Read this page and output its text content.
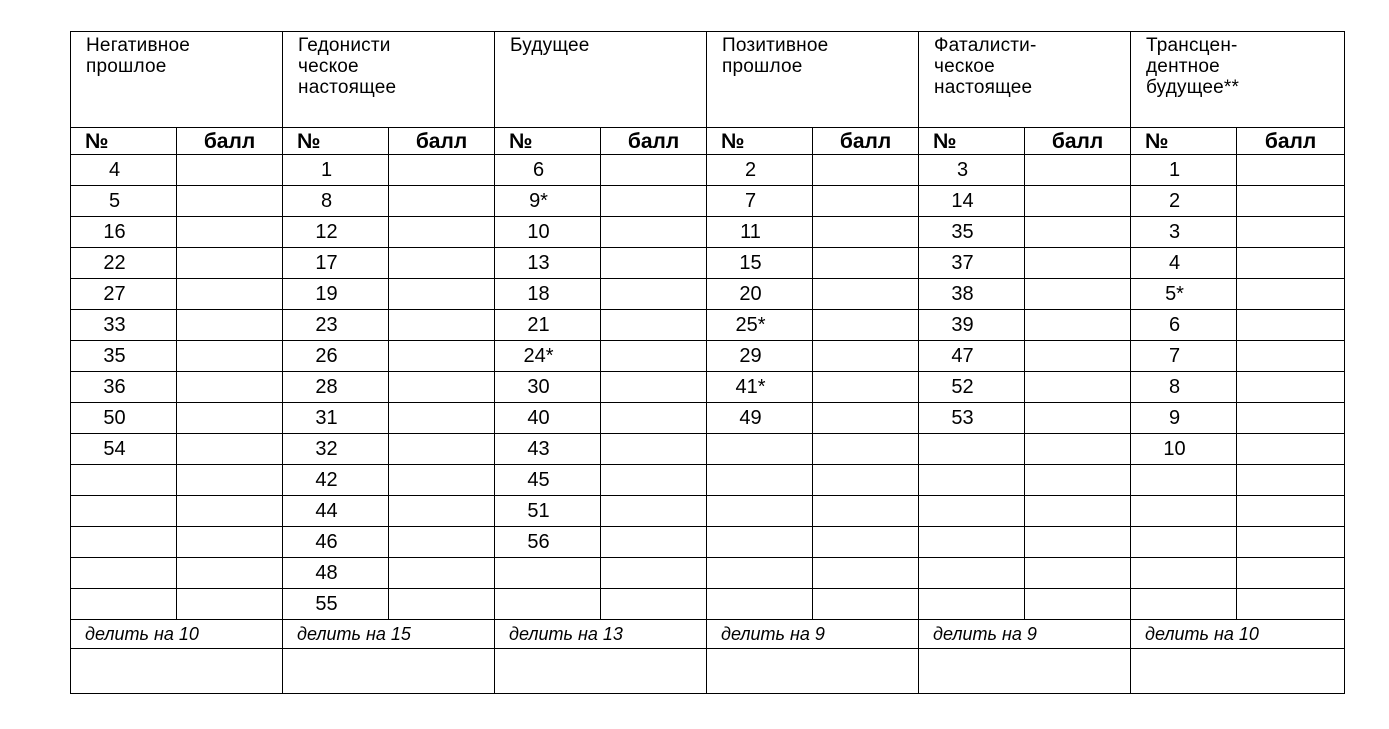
Негативное
прошлое		Гедонисти
ческое
настоящее		Будущее		Позитивное
прошлое		Фаталисти-
ческое
настоящее		Трансцен-
дентное
будущее**	
№	балл	№	балл	№	балл	№	балл	№	балл	№	балл
4		1		6		2		3		1	
5		8		9*		7		14		2	
16		12		10		11		35		3	
22		17		13		15		37		4	
27		19		18		20		38		5*	
33		23		21		25*		39		6	
35		26		24*		29		47		7	
36		28		30		41*		52		8	
50		31		40		49		53		9	
54		32		43						10	
		42		45							
		44		51							
		46		56							
		48									
		55									
делить на 10		делить на 15		делить на 13		делить на 9		делить на 9		делить на 10	
